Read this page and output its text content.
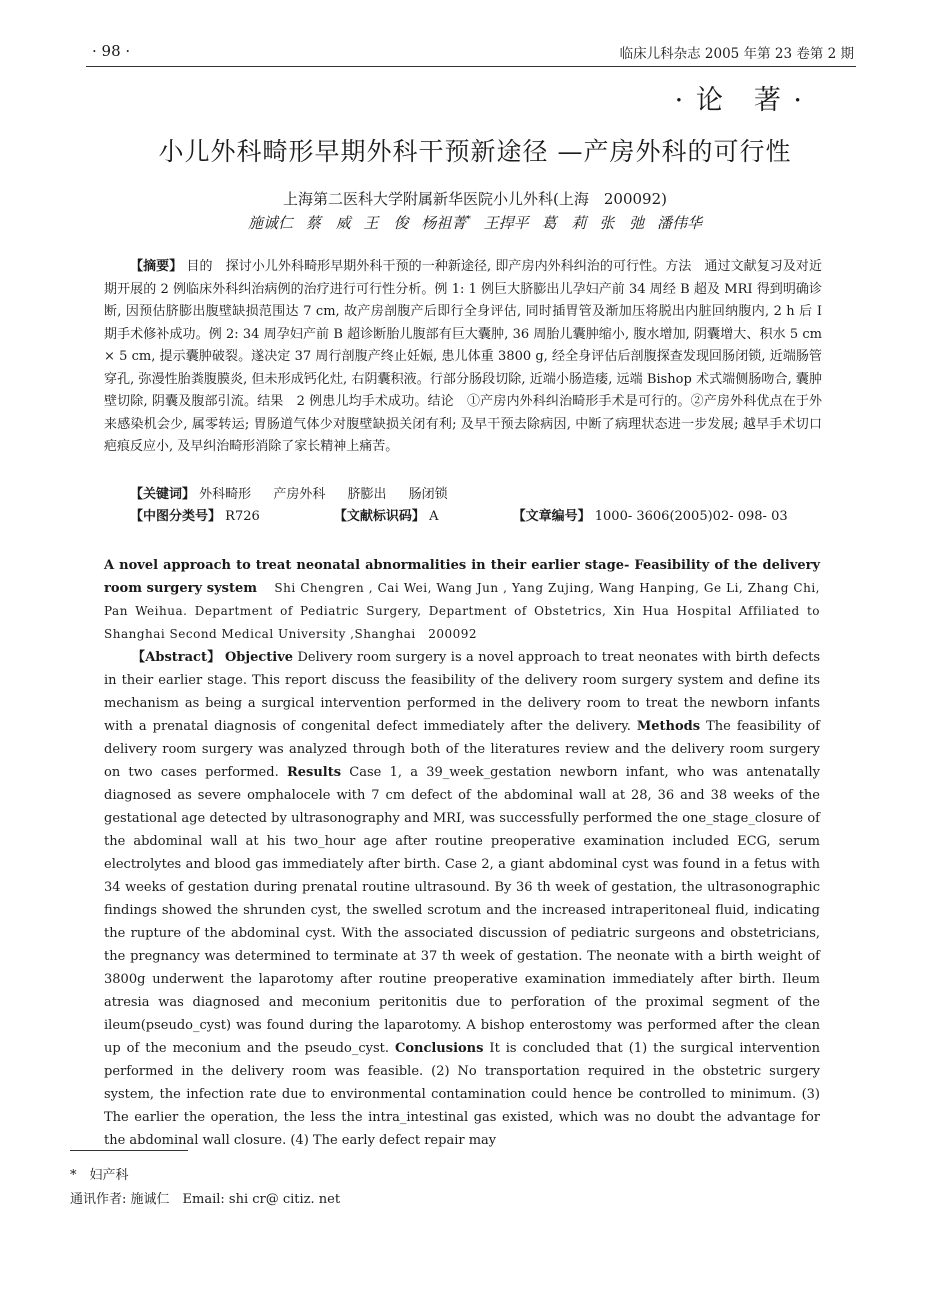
· 98 ·	临床儿科杂志 2005 年第 23 卷第 2 期
· 论　著 ·
小儿外科畸形早期外科干预新途径 —产房外科的可行性
上海第二医科大学附属新华医院小儿外科(上海　200092)
施诚仁 蔡　威 王　俊 杨祖菁* 王捍平 葛　莉 张　弛 潘伟华
【摘要】 目的　探讨小儿外科畸形早期外科干预的一种新途径, 即产房内外科纠治的可行性。方法　通过文献复习及对近期开展的 2 例临床外科纠治病例的治疗进行可行性分析。例 1: 1 例巨大脐膨出儿孕妇产前 34 周经 B 超及 MRI 得到明确诊断, 因预估脐膨出腹壁缺损范围达 7 cm, 故产房剖腹产后即行全身评估, 同时插胃管及渐加压将脱出内脏回纳腹内, 2 h 后 I 期手术修补成功。例 2: 34 周孕妇产前 B 超诊断胎儿腹部有巨大囊肿, 36 周胎儿囊肿缩小, 腹水增加, 阴囊增大、积水 5 cm × 5 cm, 提示囊肿破裂。遂决定 37 周行剖腹产终止妊娠, 患儿体重 3800 g, 经全身评估后剖腹探查发现回肠闭锁, 近端肠管穿孔, 弥漫性胎粪腹膜炎, 但未形成钙化灶, 右阴囊积液。行部分肠段切除, 近端小肠造瘘, 远端 Bishop 术式端侧肠吻合, 囊肿壁切除, 阴囊及腹部引流。结果　2 例患儿均手术成功。结论　①产房内外科纠治畸形手术是可行的。②产房外科优点在于外来感染机会少, 属零转运; 胃肠道气体少对腹壁缺损关闭有利; 及早干预去除病因, 中断了病理状态进一步发展; 越早手术切口疤痕反应小, 及早纠治畸形消除了家长精神上痛苦。
【关键词】 外科畸形 产房外科 脐膨出 肠闭锁
【中图分类号】 R726	【文献标识码】 A	【文章编号】 1000- 3606(2005)02- 098- 03
A novel approach to treat neonatal abnormalities in their earlier stage- Feasibility of the delivery room surgery system Shi Chengren , Cai Wei, Wang Jun , Yang Zujing, Wang Hanping, Ge Li, Zhang Chi, Pan Weihua. Department of Pediatric Surgery, Department of Obstetrics, Xin Hua Hospital Affiliated to Shanghai Second Medical University ,Shanghai　200092
【Abstract】 Objective Delivery room surgery is a novel approach to treat neonates with birth defects in their earlier stage. This report discuss the feasibility of the delivery room surgery system and define its mechanism as being a surgical intervention performed in the delivery room to treat the newborn infants with a prenatal diagnosis of congenital defect immediately after the delivery. Methods The feasibility of delivery room surgery was analyzed through both of the literatures review and the delivery room surgery on two cases performed. Results Case 1, a 39_week_gestation newborn infant, who was antenatally diagnosed as severe omphalocele with 7 cm defect of the abdominal wall at 28, 36 and 38 weeks of the gestational age detected by ultrasonography and MRI, was successfully performed the one_stage_closure of the abdominal wall at his two_hour age after routine preoperative examination included ECG, serum electrolytes and blood gas immediately after birth. Case 2, a giant abdominal cyst was found in a fetus with 34 weeks of gestation during prenatal routine ultrasound. By 36 th week of gestation, the ultrasonographic findings showed the shrunden cyst, the swelled scrotum and the increased intraperitoneal fluid, indicating the rupture of the abdominal cyst. With the associated discussion of pediatric surgeons and obstetricians, the pregnancy was determined to terminate at 37 th week of gestation. The neonate with a birth weight of 3800g underwent the laparotomy after routine preoperative examination immediately after birth. Ileum atresia was diagnosed and meconium peritonitis due to perforation of the proximal segment of the ileum(pseudo_cyst) was found during the laparotomy. A bishop enterostomy was performed after the clean up of the meconium and the pseudo_cyst. Conclusions It is concluded that (1) the surgical intervention performed in the delivery room was feasible. (2) No transportation required in the obstetric surgery system, the infection rate due to environmental contamination could hence be controlled to minimum. (3) The earlier the operation, the less the intra_intestinal gas existed, which was no doubt the advantage for the abdominal wall closure. (4) The early defect repair may
*　妇产科
通讯作者: 施诚仁　Email: shi cr@ citiz. net
